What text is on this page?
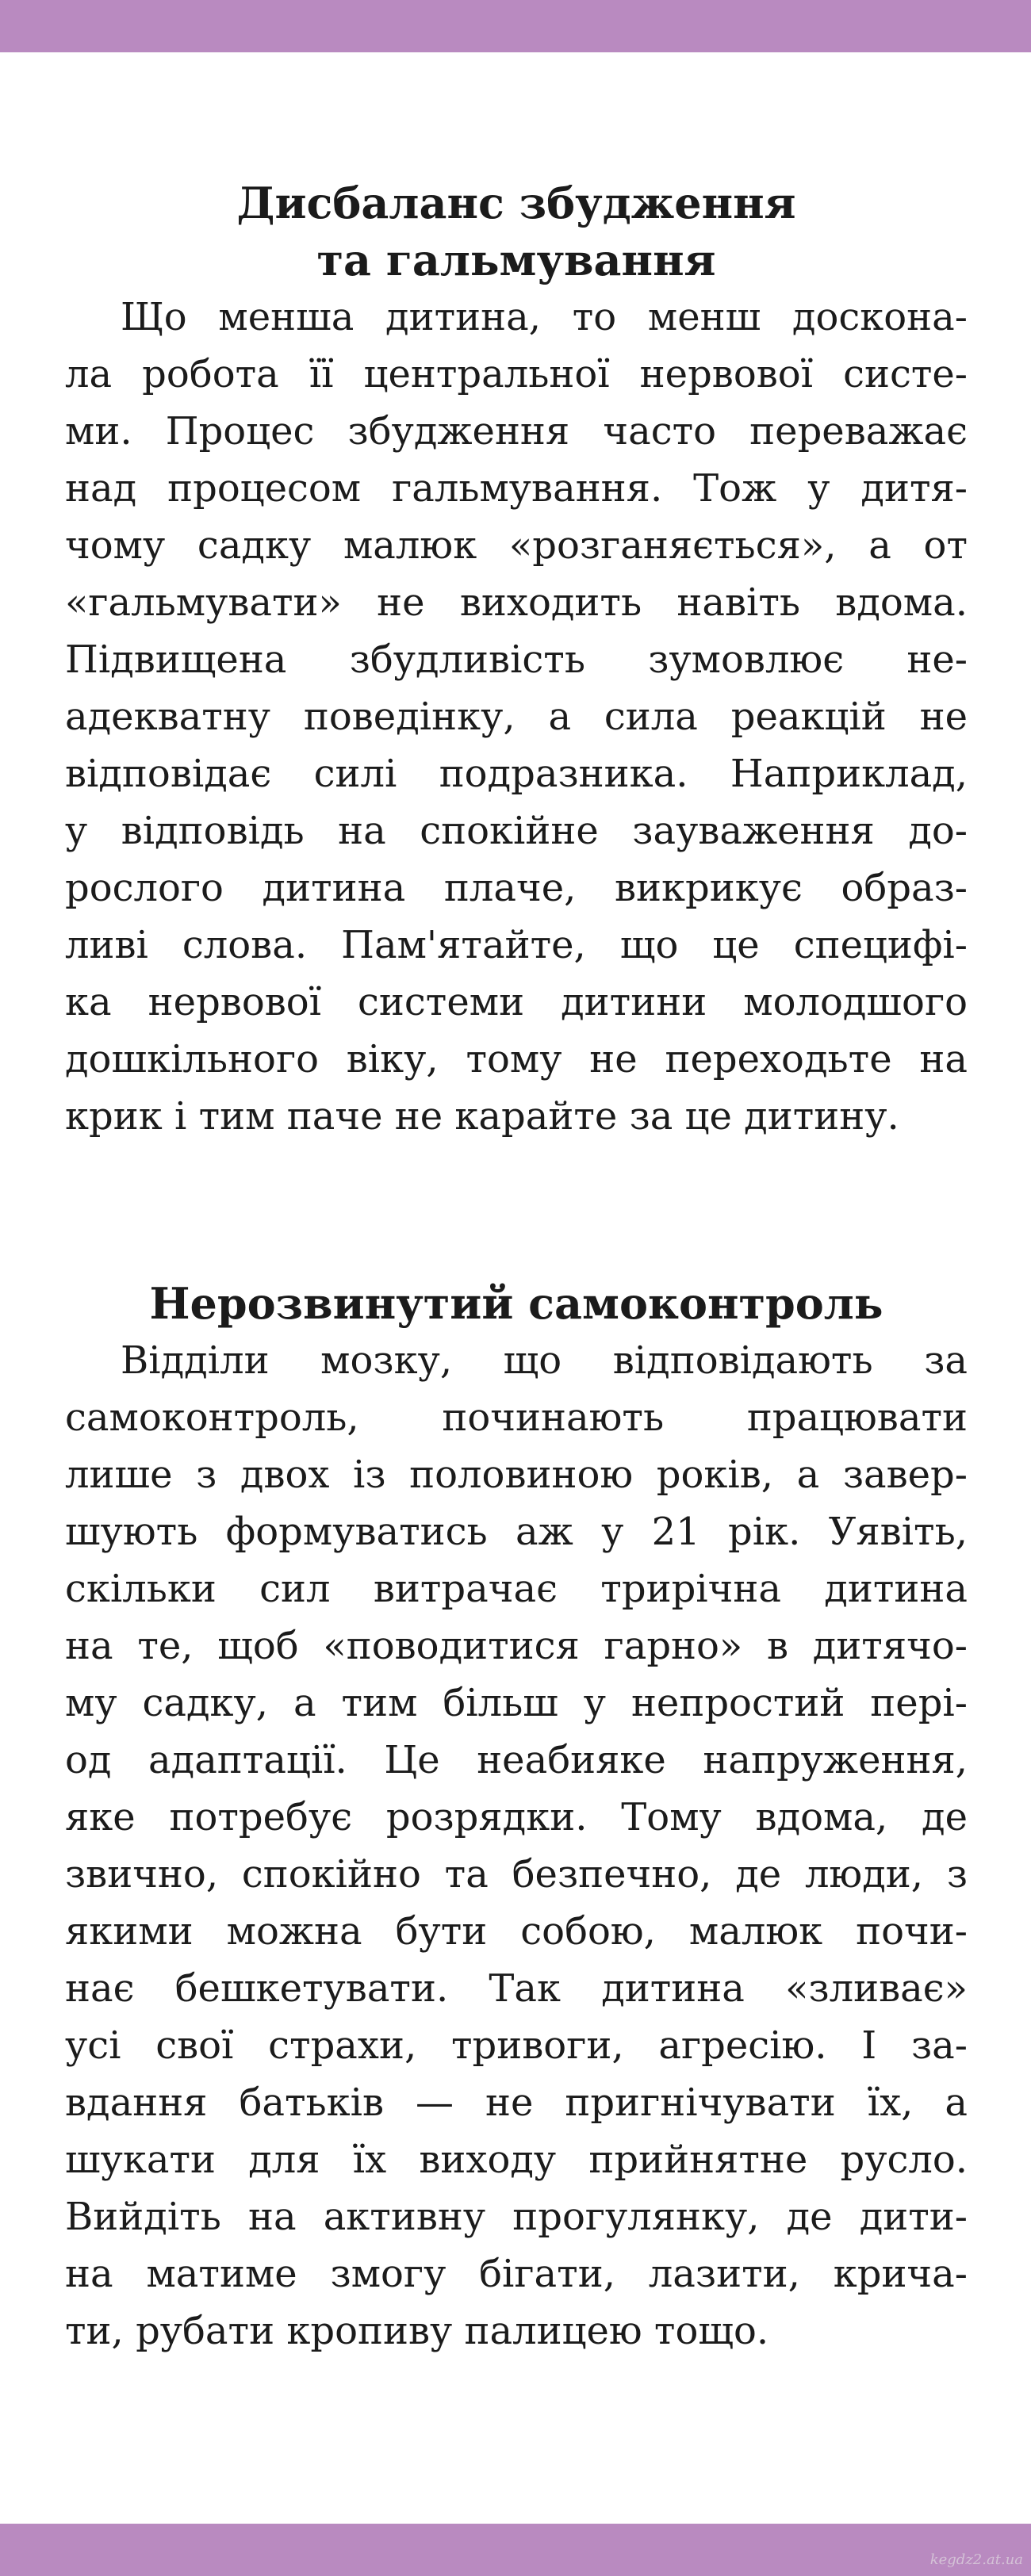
Дисбаланс збудження
та гальмування

Що менша дитина, то менш доскона-
ла робота її центральної нервової систе-
ми. Процес збудження часто переважає
над процесом гальмування. Тож у дитя-
чому садку малюк «розганяється», а от
«гальмувати» не виходить навіть вдома.
Підвищена збудливість зумовлює не-
адекватну поведінку, а сила реакцій не
відповідає силі подразника. Наприклад,
у відповідь на спокійне зауваження до-
рослого дитина плаче, викрикує образ-
ливі слова. Пам'ятайте, що це специфі-
ка нервової системи дитини молодшого
дошкільного віку, тому не переходьте на
крик і тим паче не карайте за це дитину.

Нерозвинутий самоконтроль

Відділи мозку, що відповідають за
самоконтроль, починають працювати
лише з двох із половиною років, а завер-
шують формуватись аж у 21 рік. Уявіть,
скільки сил витрачає трирічна дитина
на те, щоб «поводитися гарно» в дитячо-
му садку, а тим більш у непростий пері-
од адаптації. Це неабияке напруження,
яке потребує розрядки. Тому вдома, де
звично, спокійно та безпечно, де люди, з
якими можна бути собою, малюк почи-
нає бешкетувати. Так дитина «зливає»
усі свої страхи, тривоги, агресію. І за-
вдання батьків — не пригнічувати їх, а
шукати для їх виходу прийнятне русло.
Вийдіть на активну прогулянку, де дити-
на матиме змогу бігати, лазити, крича-
ти, рубати кропиву палицею тощо.

kegdz2.at.ua
